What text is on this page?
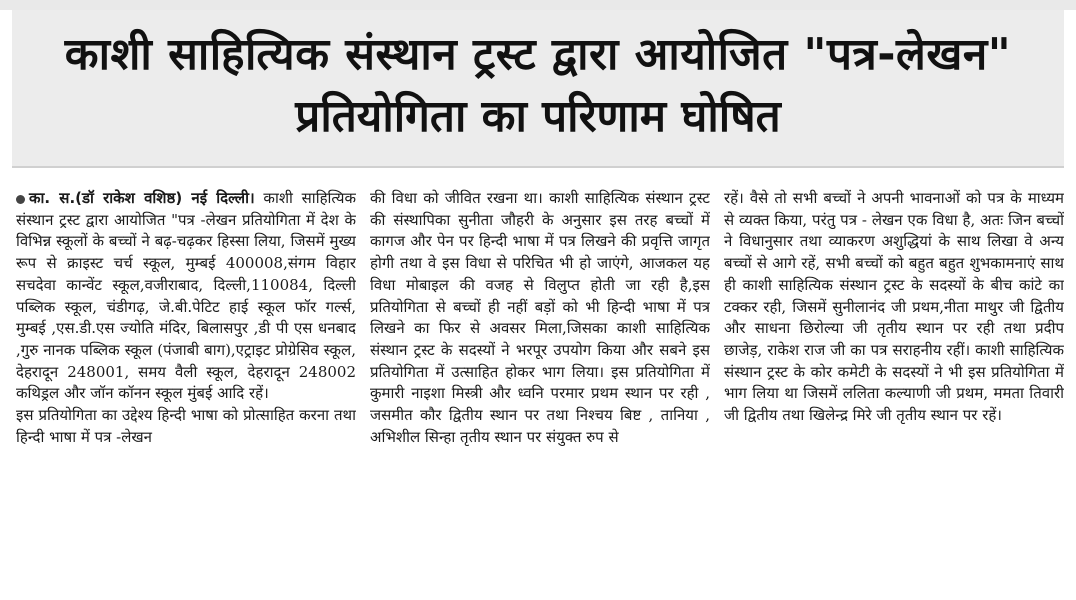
काशी साहित्यिक संस्थान ट्रस्ट द्वारा आयोजित "पत्र-लेखन"
प्रतियोगिता का परिणाम घोषित

का. स.(डॉ राकेश वशिष्ठ) नई दिल्ली। काशी साहित्यिक संस्थान ट्रस्ट द्वारा आयोजित "पत्र -लेखन प्रतियोगिता में देश के विभिन्न स्कूलों के बच्चों ने बढ़-चढ़कर हिस्सा लिया, जिसमें मुख्य रूप से क्राइस्ट चर्च स्कूल, मुम्बई 400008,संगम विहार सचदेवा कान्वेंट स्कूल,वजीराबाद, दिल्ली,110084, दिल्ली पब्लिक स्कूल, चंडीगढ़, जे.बी.पेटिट हाई स्कूल फॉर गर्ल्स, मुम्बई ,एस.डी.एस ज्योति मंदिर, बिलासपुर ,डी पी एस धनबाद ,गुरु नानक पब्लिक स्कूल (पंजाबी बाग),एट्राइट प्रोग्रेसिव स्कूल, देहरादून 248001, समय वैली स्कूल, देहरादून 248002 कथिड्रल और जॉन कॉनन स्कूल मुंबई आदि रहें।

इस प्रतियोगिता का उद्देश्य हिन्दी भाषा को प्रोत्साहित करना तथा हिन्दी भाषा में पत्र -लेखन

की विधा को जीवित रखना था। काशी साहित्यिक संस्थान ट्रस्ट की संस्थापिका सुनीता जौहरी के अनुसार इस तरह बच्चों में कागज और पेन पर हिन्दी भाषा में पत्र लिखने की प्रवृत्ति जागृत होगी तथा वे इस विधा से परिचित भी हो जाएंगे, आजकल यह विधा मोबाइल की वजह से विलुप्त होती जा रही है,इस प्रतियोगिता से बच्चों ही नहीं बड़ों को भी हिन्दी भाषा में पत्र लिखने का फिर से अवसर मिला,जिसका काशी साहित्यिक संस्थान ट्रस्ट के सदस्यों ने भरपूर उपयोग किया और सबने इस प्रतियोगिता में उत्साहित होकर भाग लिया। इस प्रतियोगिता में कुमारी नाइशा मिस्त्री और ध्वनि परमार प्रथम स्थान पर रही , जसमीत कौर द्वितीय स्थान पर तथा निश्चय बिष्ट , तानिया , अभिशील सिन्हा तृतीय स्थान पर संयुक्त रुप से

रहें। वैसे तो सभी बच्चों ने अपनी भावनाओं को पत्र के माध्यम से व्यक्त किया, परंतु पत्र - लेखन एक विधा है, अतः जिन बच्चों ने विधानुसार तथा व्याकरण अशुद्धियां के साथ लिखा वे अन्य बच्चों से आगे रहें, सभी बच्चों को बहुत बहुत शुभकामनाएं साथ ही काशी साहित्यिक संस्थान ट्रस्ट के सदस्यों के बीच कांटे का टक्कर रही, जिसमें सुनीलानंद जी प्रथम,नीता माथुर जी द्वितीय और साधना छिरोल्या जी तृतीय स्थान पर रही तथा प्रदीप छाजेड़, राकेश राज जी का पत्र सराहनीय रहीं। काशी साहित्यिक संस्थान ट्रस्ट के कोर कमेटी के सदस्यों ने भी इस प्रतियोगिता में भाग लिया था जिसमें ललिता कल्याणी जी प्रथम, ममता तिवारी जी द्वितीय तथा खिलेन्द्र मिरे जी तृतीय स्थान पर रहें।
